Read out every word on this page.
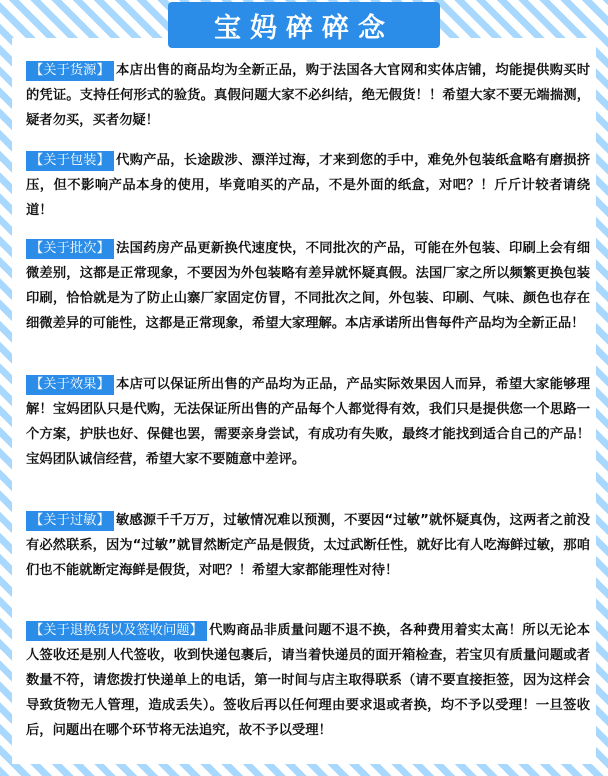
宝妈碎碎念
【关于货源】 本店出售的商品均为全新正品，购于法国各大官网和实体店铺，均能提供购买时的凭证。支持任何形式的验货。真假问题大家不必纠结，绝无假货！！希望大家不要无端揣测，疑者勿买，买者勿疑！
【关于包装】 代购产品，长途跋涉、漂洋过海，才来到您的手中，难免外包装纸盒略有磨损挤压，但不影响产品本身的使用，毕竟咱买的产品，不是外面的纸盒，对吧？！斤斤计较者请绕道！
【关于批次】 法国药房产品更新换代速度快，不同批次的产品，可能在外包装、印刷上会有细微差别，这都是正常现象，不要因为外包装略有差异就怀疑真假。法国厂家之所以频繁更换包装印刷，恰恰就是为了防止山寨厂家固定仿冒，不同批次之间，外包装、印刷、气味、颜色也存在细微差异的可能性，这都是正常现象，希望大家理解。本店承诺所出售每件产品均为全新正品！
【关于效果】 本店可以保证所出售的产品均为正品，产品实际效果因人而异，希望大家能够理解！宝妈团队只是代购，无法保证所出售的产品每个人都觉得有效，我们只是提供您一个思路一个方案，护肤也好、保健也罢，需要亲身尝试，有成功有失败，最终才能找到适合自己的产品！宝妈团队诚信经营，希望大家不要随意中差评。
【关于过敏】 敏感源千千万万，过敏情况难以预测，不要因“过敏”就怀疑真伪，这两者之前没有必然联系，因为“过敏”就冒然断定产品是假货，太过武断任性，就好比有人吃海鲜过敏，那咱们也不能就断定海鲜是假货，对吧？！希望大家都能理性对待！
【关于退换货以及签收问题】 代购商品非质量问题不退不换，各种费用着实太高！所以无论本人签收还是别人代签收，收到快递包裹后，请当着快递员的面开箱检查，若宝贝有质量问题或者数量不符，请您拨打快递单上的电话，第一时间与店主取得联系（请不要直接拒签，因为这样会导致货物无人管理，造成丢失）。签收后再以任何理由要求退或者换，均不予以受理！一旦签收后，问题出在哪个环节将无法追究，故不予以受理！
